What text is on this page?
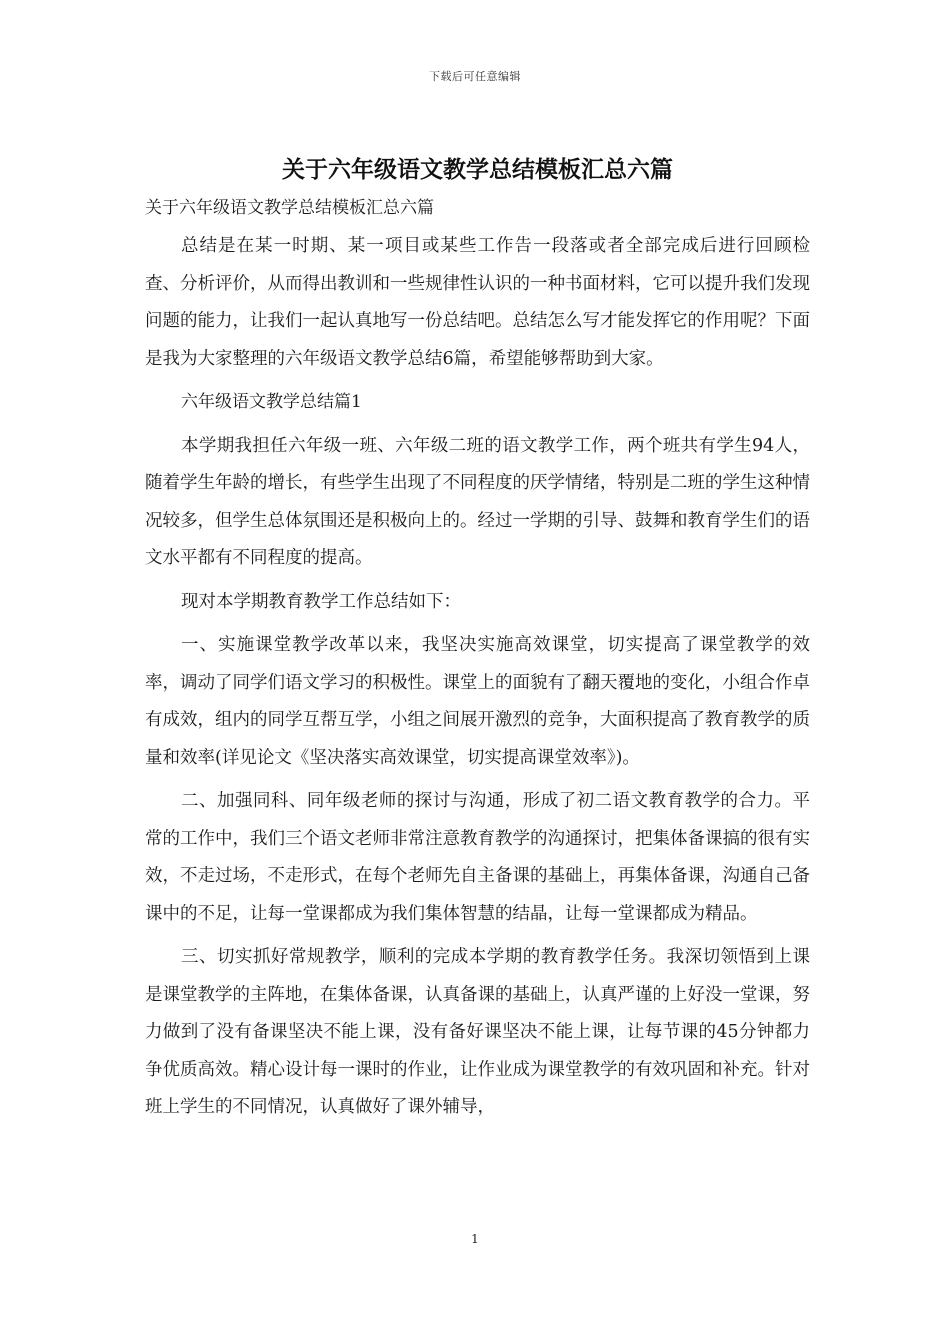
下载后可任意编辑
关于六年级语文教学总结模板汇总六篇

关于六年级语文教学总结模板汇总六篇

总结是在某一时期、某一项目或某些工作告一段落或者全部完成后进行回顾检查、分析评价，从而得出教训和一些规律性认识的一种书面材料，它可以提升我们发现问题的能力，让我们一起认真地写一份总结吧。总结怎么写才能发挥它的作用呢？下面是我为大家整理的六年级语文教学总结6篇，希望能够帮助到大家。

六年级语文教学总结篇1

本学期我担任六年级一班、六年级二班的语文教学工作，两个班共有学生94人，随着学生年龄的增长，有些学生出现了不同程度的厌学情绪，特别是二班的学生这种情况较多，但学生总体氛围还是积极向上的。经过一学期的引导、鼓舞和教育学生们的语文水平都有不同程度的提高。

现对本学期教育教学工作总结如下：

一、实施课堂教学改革以来，我坚决实施高效课堂，切实提高了课堂教学的效率，调动了同学们语文学习的积极性。课堂上的面貌有了翻天覆地的变化，小组合作卓有成效，组内的同学互帮互学，小组之间展开激烈的竞争，大面积提高了教育教学的质量和效率(详见论文《坚决落实高效课堂，切实提高课堂效率》)。

二、加强同科、同年级老师的探讨与沟通，形成了初二语文教育教学的合力。平常的工作中，我们三个语文老师非常注意教育教学的沟通探讨，把集体备课搞的很有实效，不走过场，不走形式，在每个老师先自主备课的基础上，再集体备课，沟通自己备课中的不足，让每一堂课都成为我们集体智慧的结晶，让每一堂课都成为精品。

三、切实抓好常规教学，顺利的完成本学期的教育教学任务。我深切领悟到上课是课堂教学的主阵地，在集体备课，认真备课的基础上，认真严谨的上好没一堂课，努力做到了没有备课坚决不能上课，没有备好课坚决不能上课，让每节课的45分钟都力争优质高效。精心设计每一课时的作业，让作业成为课堂教学的有效巩固和补充。针对班上学生的不同情况，认真做好了课外辅导，

1
